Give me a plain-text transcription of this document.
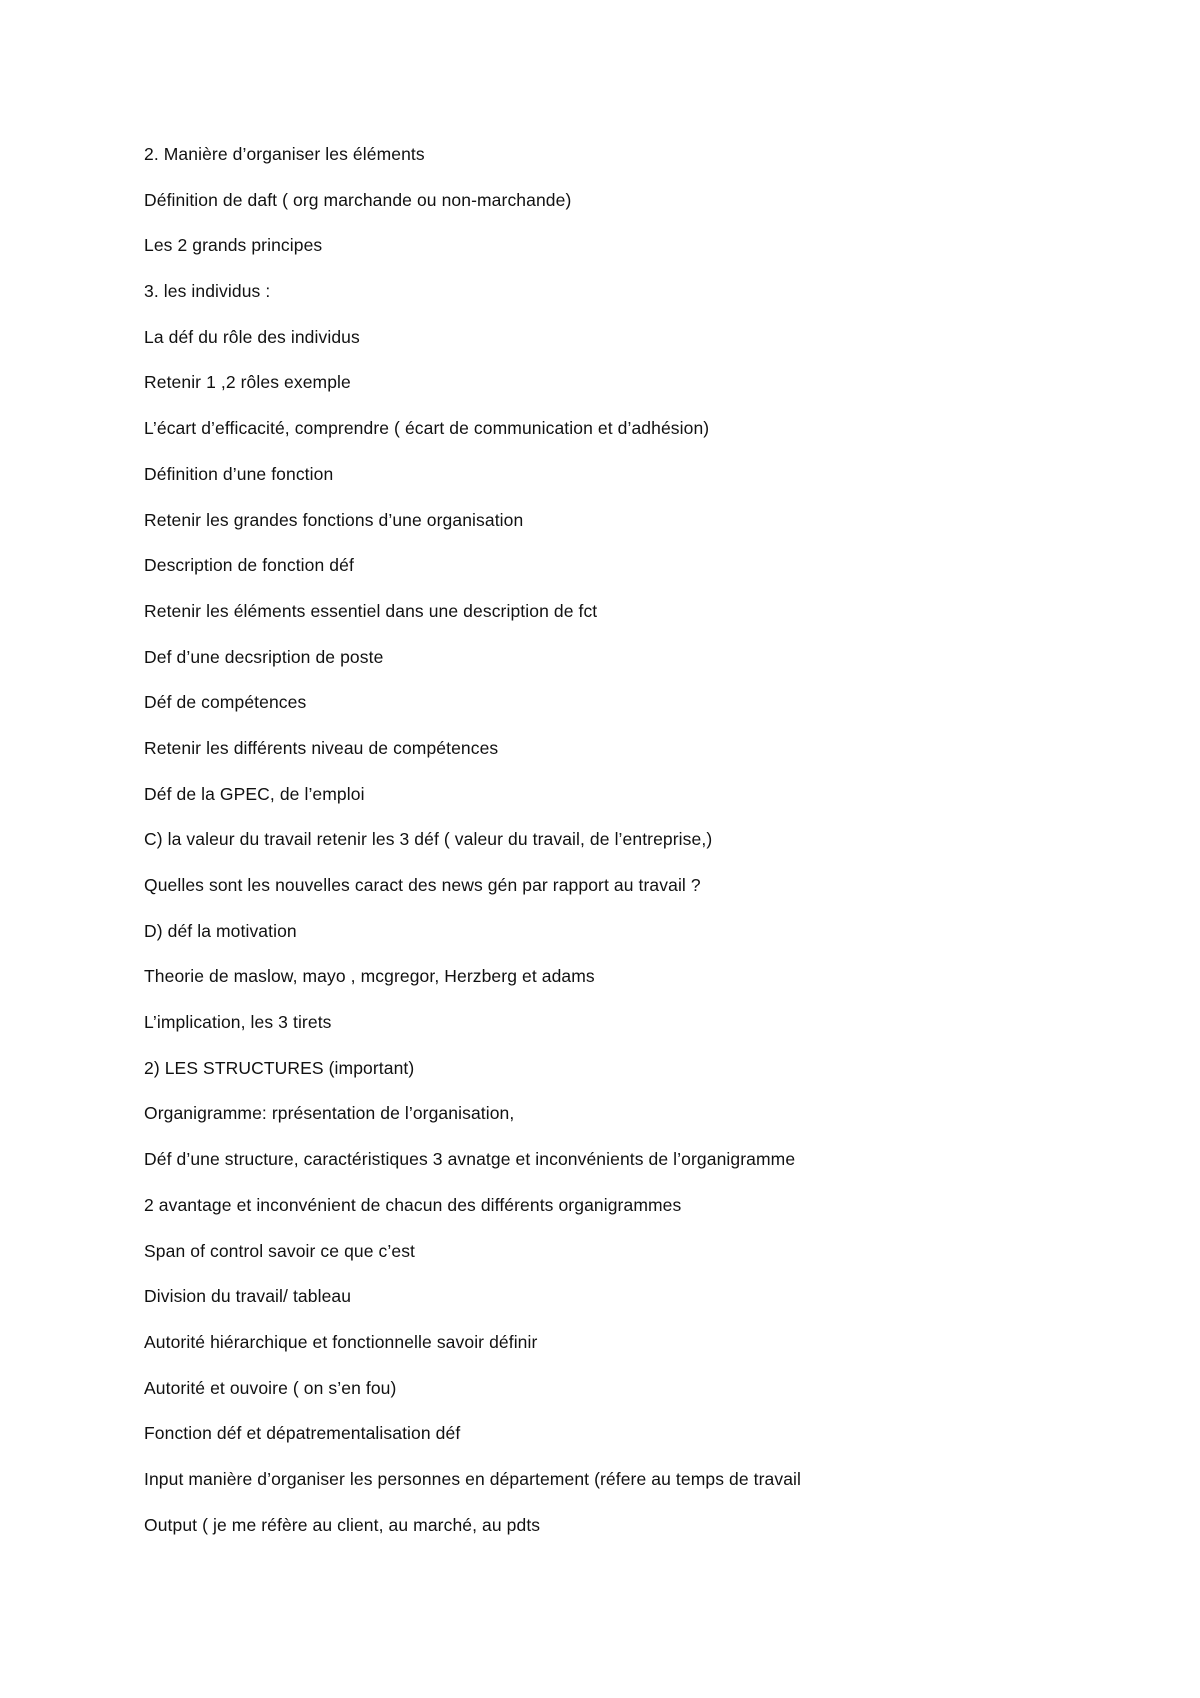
2. Manière d’organiser les éléments
Définition de daft ( org marchande ou non-marchande)
Les 2 grands principes
3. les individus :
La déf du rôle des individus
Retenir 1 ,2 rôles exemple
L’écart d’efficacité, comprendre ( écart de communication et d’adhésion)
Définition d’une fonction
Retenir les grandes fonctions d’une organisation
Description de fonction déf
Retenir les éléments essentiel dans une description de fct
Def d’une decsription de poste
Déf de compétences
Retenir les différents niveau de compétences
Déf de la GPEC, de l’emploi
C) la valeur du travail retenir les 3 déf ( valeur du travail, de l’entreprise,)
Quelles sont les nouvelles caract des news gén par rapport au travail ?
D) déf la motivation
Theorie de maslow, mayo , mcgregor, Herzberg et adams
L’implication, les 3 tirets
2) LES STRUCTURES (important)
Organigramme: rprésentation de l’organisation,
Déf d’une structure, caractéristiques 3 avnatge et inconvénients de l’organigramme
2 avantage et inconvénient de chacun des différents organigrammes
Span of control savoir ce que c’est
Division du travail/ tableau
Autorité hiérarchique et fonctionnelle savoir définir
Autorité et ouvoire ( on s’en fou)
Fonction déf et dépatrementalisation déf
Input manière d’organiser les personnes en département (réfere au temps de travail
Output ( je me réfère au client, au marché, au pdts
